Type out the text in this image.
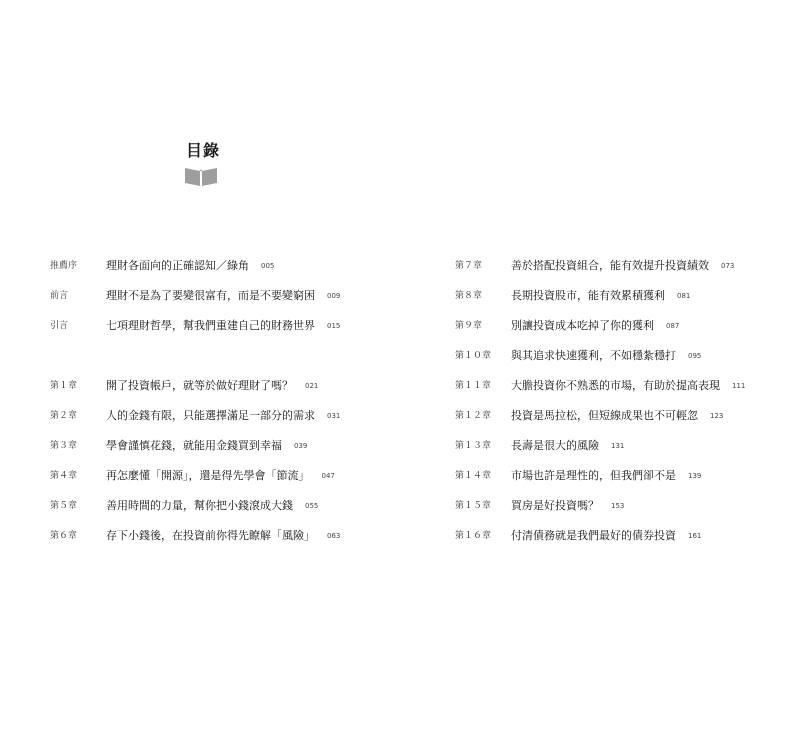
目錄
推薦序	理財各面向的正確認知／綠角 005
前言	理財不是為了要變很富有，而是不要變窮困 009
引言	七項理財哲學，幫我們重建自己的財務世界 015
第１章	開了投資帳戶，就等於做好理財了嗎？ 021
第２章	人的金錢有限，只能選擇滿足一部分的需求 031
第３章	學會謹慎花錢，就能用金錢買到幸福 039
第４章	再怎麼懂「開源」，還是得先學會「節流」 047
第５章	善用時間的力量，幫你把小錢滾成大錢 055
第６章	存下小錢後，在投資前你得先瞭解「風險」 063
第７章	善於搭配投資組合，能有效提升投資績效 073
第８章	長期投資股市，能有效累積獲利 081
第９章	別讓投資成本吃掉了你的獲利 087
第１０章 與其追求快速獲利，不如穩紮穩打 095
第１１章 大膽投資你不熟悉的市場，有助於提高表現 111
第１２章 投資是馬拉松，但短線成果也不可輕忽 123
第１３章 長壽是很大的風險 131
第１４章 市場也許是理性的，但我們卻不是 139
第１５章 買房是好投資嗎？ 153
第１６章 付清債務就是我們最好的債券投資 161
